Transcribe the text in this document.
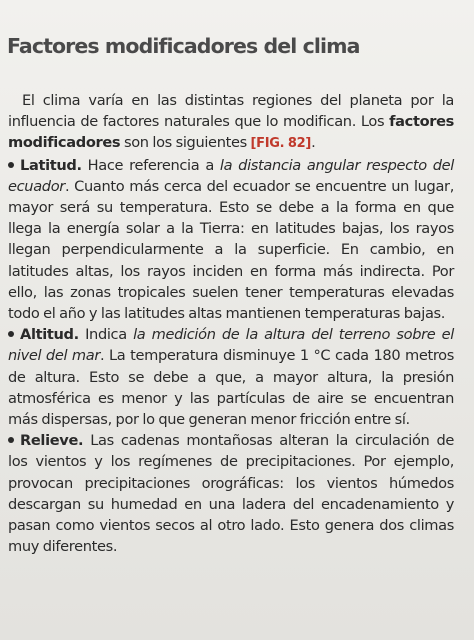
Factores modificadores del clima

El clima varía en las distintas regiones del planeta por la influencia de factores naturales que lo modifican. Los factores modificadores son los siguientes [FIG. 82].

Latitud. Hace referencia a la distancia angular respecto del ecuador. Cuanto más cerca del ecuador se encuentre un lugar, mayor será su temperatura. Esto se debe a la forma en que llega la energía solar a la Tierra: en latitudes bajas, los rayos llegan perpendicularmente a la superficie. En cambio, en latitudes altas, los rayos inciden en forma más indirecta. Por ello, las zonas tropicales suelen tener temperaturas elevadas todo el año y las latitudes altas mantienen temperaturas bajas.

Altitud. Indica la medición de la altura del terreno sobre el nivel del mar. La temperatura disminuye 1 °C cada 180 metros de altura. Esto se debe a que, a mayor altura, la presión atmosférica es menor y las partículas de aire se encuentran más dispersas, por lo que generan menor fricción entre sí.

Relieve. Las cadenas montañosas alteran la circulación de los vientos y los regímenes de precipitaciones. Por ejemplo, provocan precipitaciones orográficas: los vientos húmedos descargan su humedad en una ladera del encadenamiento y pasan como vientos secos al otro lado. Esto genera dos climas muy diferentes.
